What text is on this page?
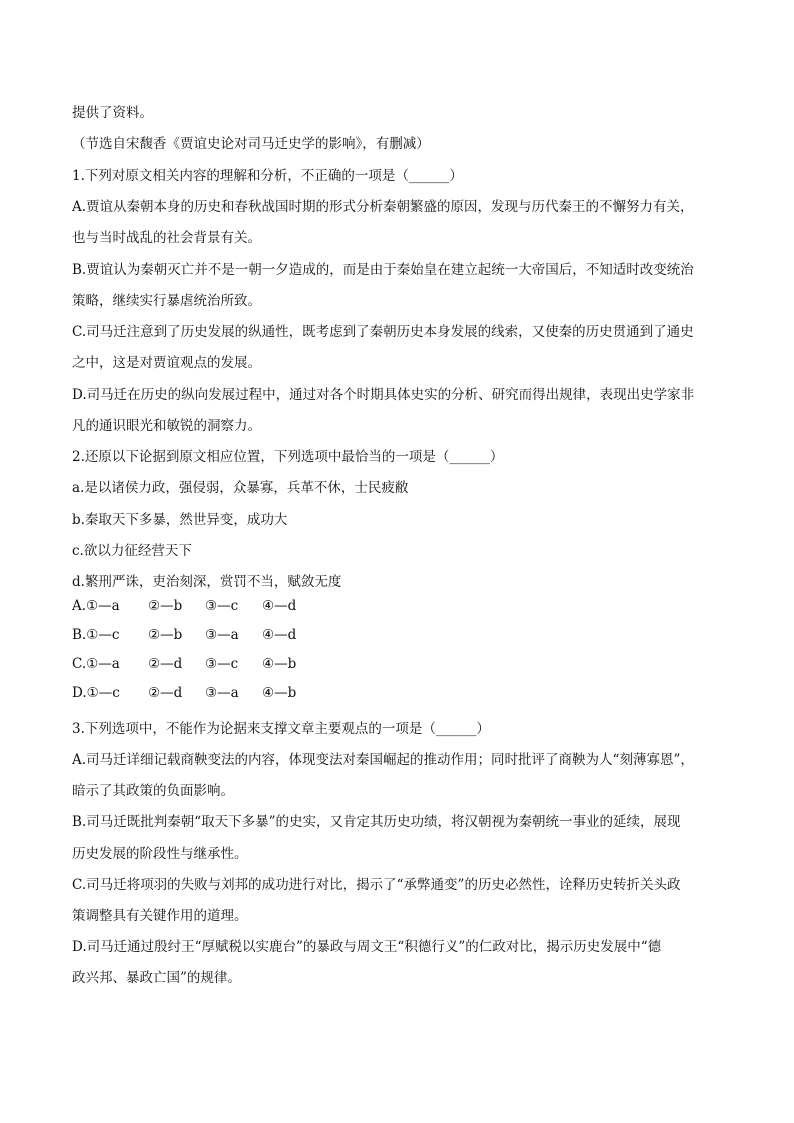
提供了资料。
（节选自宋馥香《贾谊史论对司马迁史学的影响》，有删减）
1.下列对原文相关内容的理解和分析，不正确的一项是（______）
A.贾谊从秦朝本身的历史和春秋战国时期的形式分析秦朝繁盛的原因，发现与历代秦王的不懈努力有关，
也与当时战乱的社会背景有关。
B.贾谊认为秦朝灭亡并不是一朝一夕造成的，而是由于秦始皇在建立起统一大帝国后，不知适时改变统治
策略，继续实行暴虐统治所致。
C.司马迁注意到了历史发展的纵通性，既考虑到了秦朝历史本身发展的线索，又使秦的历史贯通到了通史
之中，这是对贾谊观点的发展。
D.司马迁在历史的纵向发展过程中，通过对各个时期具体史实的分析、研究而得出规律，表现出史学家非
凡的通识眼光和敏锐的洞察力。
2.还原以下论据到原文相应位置，下列选项中最恰当的一项是（______）
a.是以诸侯力政，强侵弱，众暴寡，兵革不休，士民疲敝
b.秦取天下多暴，然世异变，成功大
c.欲以力征经营天下
d.繁刑严诛，吏治刻深，赏罚不当，赋敛无度
A.①—a ②—b ③—c ④—d
B.①—c ②—b ③—a ④—d
C.①—a ②—d ③—c ④—b
D.①—c ②—d ③—a ④—b
3.下列选项中，不能作为论据来支撑文章主要观点的一项是（______）
A.司马迁详细记载商鞅变法的内容，体现变法对秦国崛起的推动作用；同时批评了商鞅为人“刻薄寡恩”，
暗示了其政策的负面影响。
B.司马迁既批判秦朝“取天下多暴”的史实，又肯定其历史功绩，将汉朝视为秦朝统一事业的延续，展现
历史发展的阶段性与继承性。
C.司马迁将项羽的失败与刘邦的成功进行对比，揭示了“承弊通变”的历史必然性，诠释历史转折关头政
策调整具有关键作用的道理。
D.司马迁通过殷纣王“厚赋税以实鹿台”的暴政与周文王“积德行义”的仁政对比，揭示历史发展中“德
政兴邦、暴政亡国”的规律。
